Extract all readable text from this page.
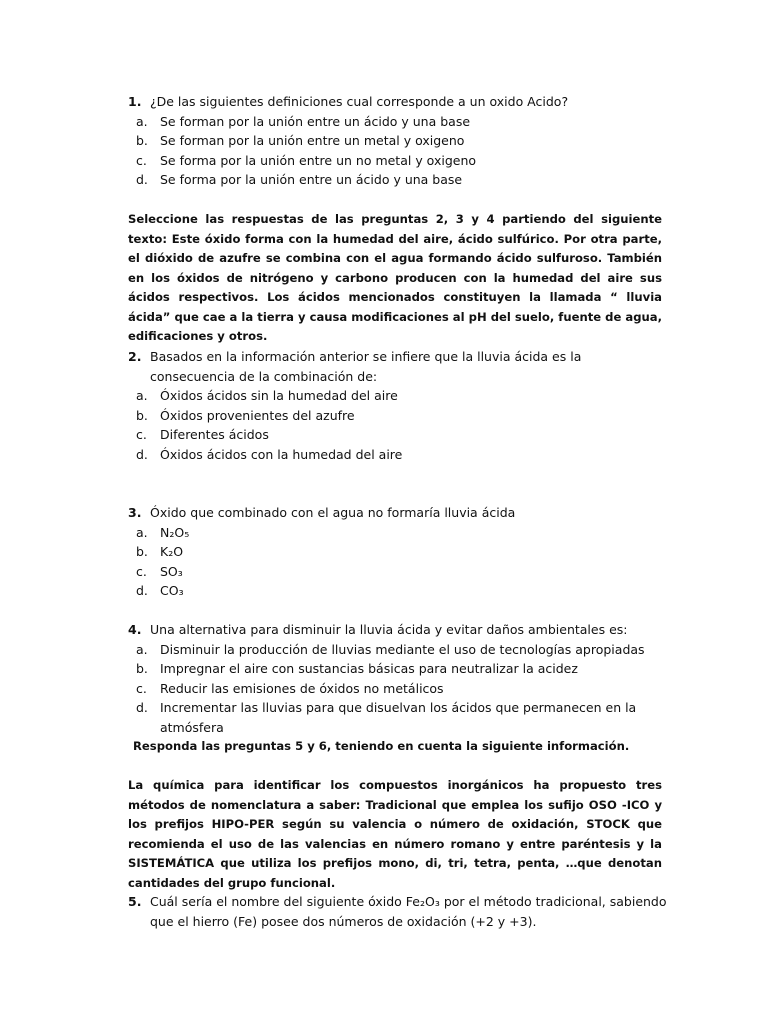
1. ¿De las siguientes definiciones cual corresponde a un oxido Acido?
a. Se forman por la unión entre un ácido y una base
b. Se forman por la unión entre un metal y oxigeno
c.	Se forma por la unión entre un no metal y oxigeno
d. Se forma por la unión entre un ácido y una base
Seleccione las respuestas de las preguntas 2, 3 y 4 partiendo del siguiente texto: Este óxido forma con la humedad del aire, ácido sulfúrico. Por otra parte, el dióxido de azufre se combina con el agua formando ácido sulfuroso. También en los óxidos de nitrógeno y carbono producen con la humedad del aire sus ácidos respectivos. Los ácidos mencionados constituyen la llamada “ lluvia ácida” que cae a la tierra y causa modificaciones al pH del suelo, fuente de agua, edificaciones y otros.
2. Basados en la información anterior se infiere que la lluvia ácida es la consecuencia de la combinación de:
a. Óxidos ácidos sin la humedad del aire
b. Óxidos provenientes del azufre
c.	Diferentes ácidos
d. Óxidos ácidos con la humedad del aire
3. Óxido que combinado con el agua no formaría lluvia ácida
a. N₂O₅
b. K₂O
c.	SO₃
d. CO₃
4. Una alternativa para disminuir la lluvia ácida y evitar daños ambientales es:
a. Disminuir la producción de lluvias mediante el uso de tecnologías apropiadas
b. Impregnar el aire con sustancias básicas para neutralizar la acidez
c.	Reducir las emisiones de óxidos no metálicos
d. Incrementar las lluvias para que disuelvan los ácidos que permanecen en la atmósfera
Responda las preguntas 5 y 6, teniendo en cuenta la siguiente información.
La química para identificar los compuestos inorgánicos ha propuesto tres métodos de nomenclatura a saber: Tradicional que emplea los sufijo OSO -ICO y los prefijos HIPO-PER según su valencia o número de oxidación, STOCK que recomienda el uso de las valencias en número romano y entre paréntesis y la SISTEMÁTICA que utiliza los prefijos mono, di, tri, tetra, penta, …que denotan cantidades del grupo funcional.
5. Cuál sería el nombre del siguiente óxido Fe₂O₃ por el método tradicional, sabiendo que el hierro (Fe) posee dos números de oxidación (+2 y +3).
